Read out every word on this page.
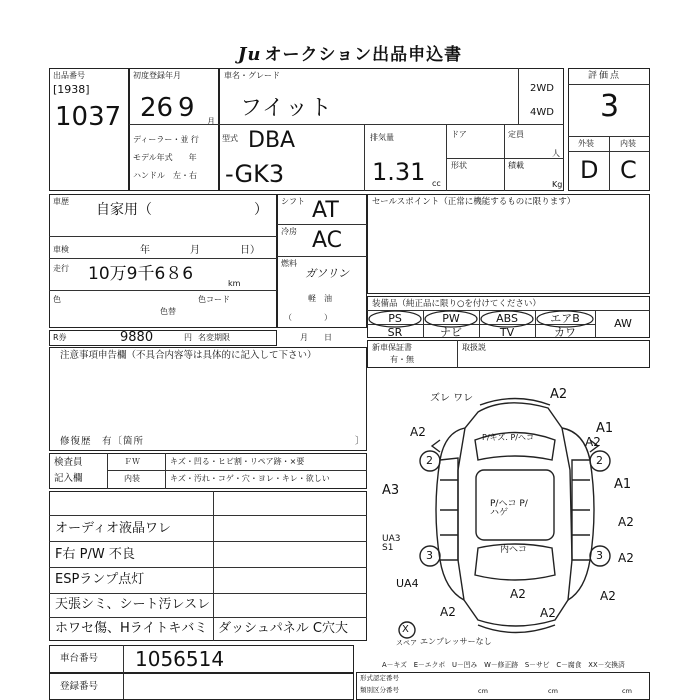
Ju オークション出品申込書
出品番号
[1938]
1037
初度登録年月
26 9 月
車名・グレード
フイット
2WD
4WD
ディーラー・並 行
モデル年式　　年
ハンドル　左・右
型式 DBA
-GK3
排気量
1.31 cc
ドア
形状
定員
人
積載
Kg
評価点
3
外装	内装
D C
車歴
自家用（	）
車検	年　　　　月　　　　日）
走行 10万9千6８6	km
色
色替
色コード
R券	9880	円 名変期限	月　　日
シフト AT
冷房 AC
燃料
ガソリン
軽　油
（　　　　）
セールスポイント（正常に機能するものに限ります）
装備品（純正品に限り○を付けてください）
PS	PW	ABS	エアB	AW
SR	ナビ	TV	カワ
新車保証書
有・無
取扱説
注意事項申告欄（不具合内容等は具体的に記入して下さい）
修復歴　有〔箇所	〕
検査員
記入欄
ＦＷ	キズ・凹る・ヒビ割・リペア跡・×要
内装	キズ・汚れ・コゲ・穴・ヨレ・キレ・欲しい
オーディオ液晶ワレ
F右 P/W 不良
ESPランプ点灯
天張シミ、シート汚レスレ
ホワセ傷、Hライトキバミ ダッシュパネル C穴大
車台番号 1056514
登録番号
A－キズ　E－エクボ　U－凹み　W－修正跡　S－サビ　C－腐食　XX－交換済
形式認定番号
類別区分番号	cm	cm	cm
ズレ ワレ	A2
A2	A1
A2
P/キズ. P/ヘコ
A1
A3
P/ヘコ P/ハゲ
A2
UA3 S1	内ヘコ
A2
UA4
A2
A2
A2
A2
2	2
3	3
X
スペア エンプレッサーなし
